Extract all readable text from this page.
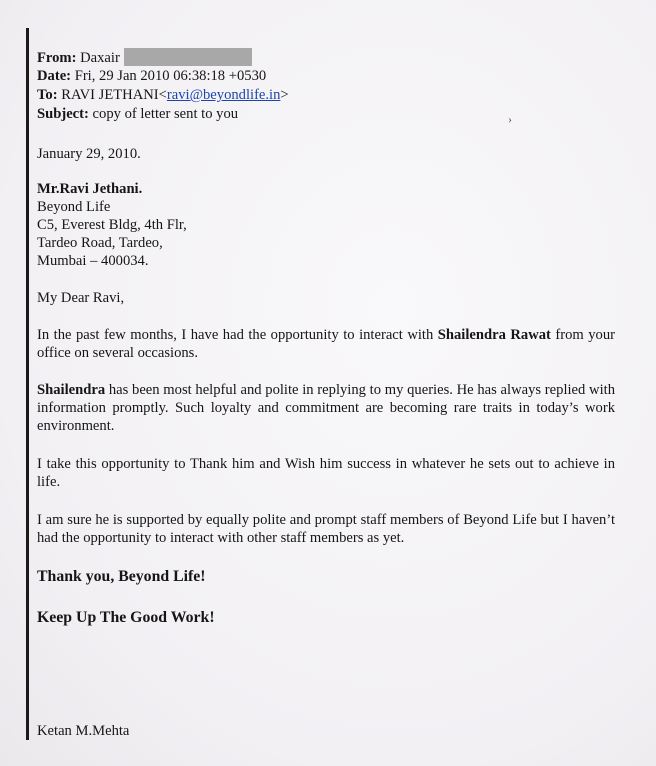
From: Daxair
Date: Fri, 29 Jan 2010 06:38:18 +0530
To: RAVI JETHANI<ravi@beyondlife.in>
Subject: copy of letter sent to you	›
January 29, 2010.
Mr.Ravi Jethani.
Beyond Life
C5, Everest Bldg, 4th Flr,
Tardeo Road, Tardeo,
Mumbai – 400034.
My Dear Ravi,
In the past few months, I have had the opportunity to interact with Shailendra Rawat from your office on several occasions.
Shailendra has been most helpful and polite in replying to my queries. He has always replied with information promptly. Such loyalty and commitment are becoming rare traits in today’s work environment.
I take this opportunity to Thank him and Wish him success in whatever he sets out to achieve in life.
I am sure he is supported by equally polite and prompt staff members of Beyond Life but I haven’t had the opportunity to interact with other staff members as yet.
Thank you, Beyond Life!
Keep Up The Good Work!
Ketan M.Mehta
